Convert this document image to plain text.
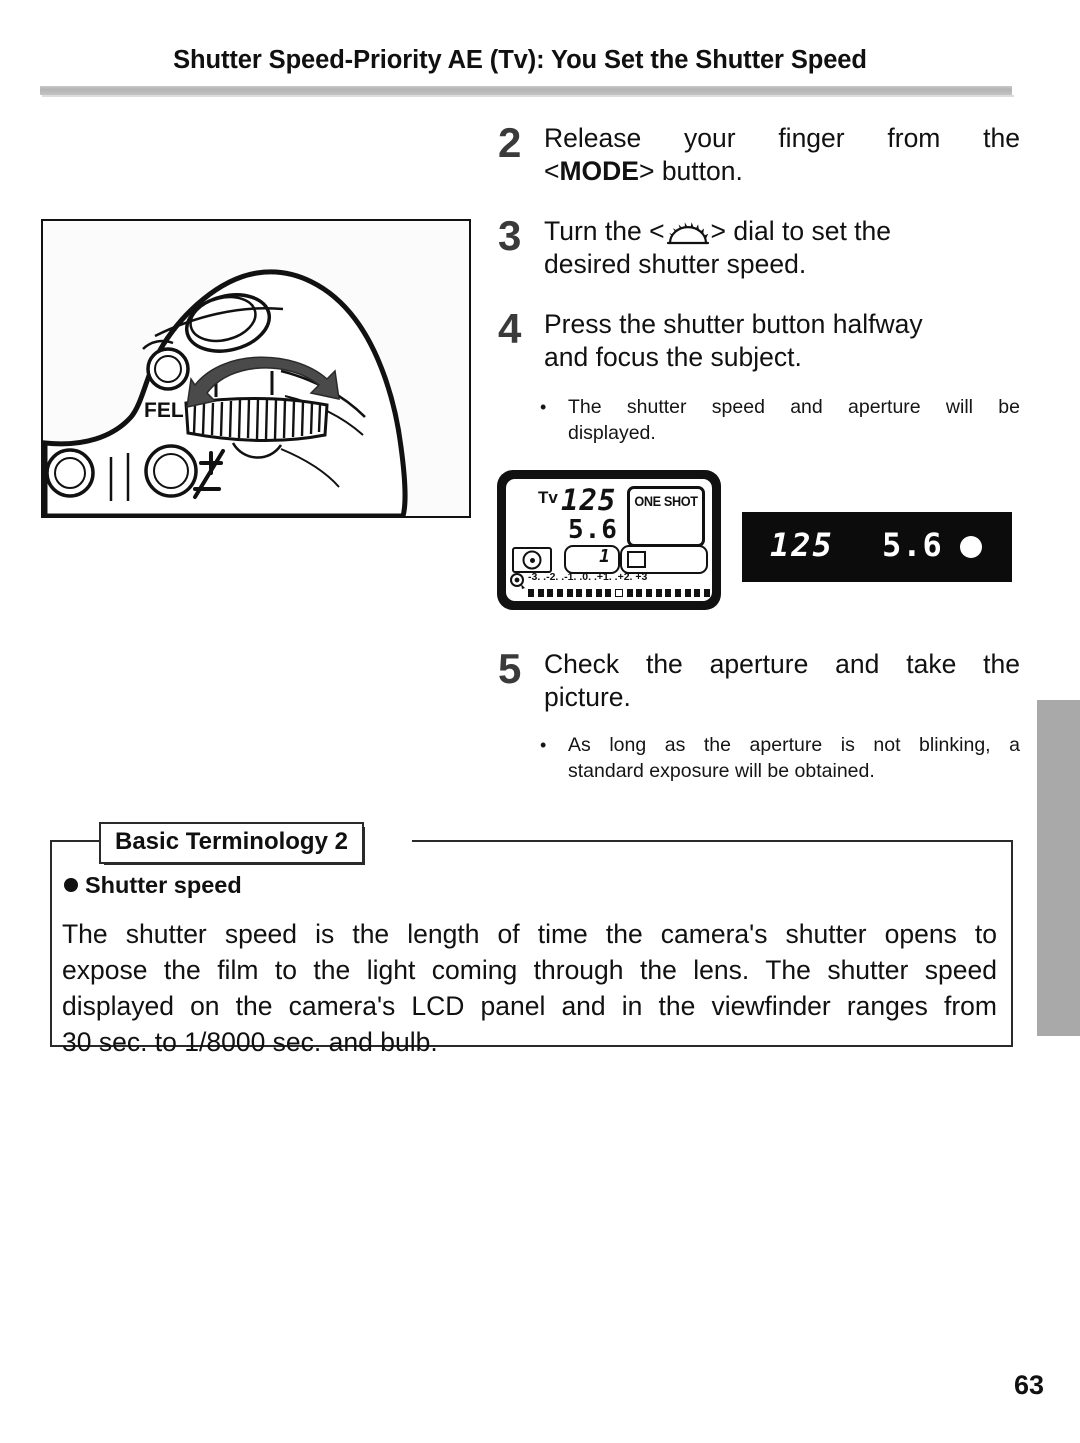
Shutter Speed-Priority AE (Tv): You Set the Shutter Speed
FEL
2 Release your finger from the
<MODE> button.
3 Turn the < > dial to set the desired shutter speed.
4 Press the shutter button halfway and focus the subject.
• The shutter speed and aperture will be
displayed.
Tv 125
5.6
ONE SHOT
1
-3. .-2. .-1. .0. .+1. .+2. +3
125 5.6
5 Check the aperture and take the
picture.
• As long as the aperture is not blinking, a
standard exposure will be obtained.
Basic Terminology 2
Shutter speed
The shutter speed is the length of time the camera's shutter opens to
expose the film to the light coming through the lens. The shutter speed
displayed on the camera's LCD panel and in the viewfinder ranges from
30 sec. to 1/8000 sec. and bulb.
63
